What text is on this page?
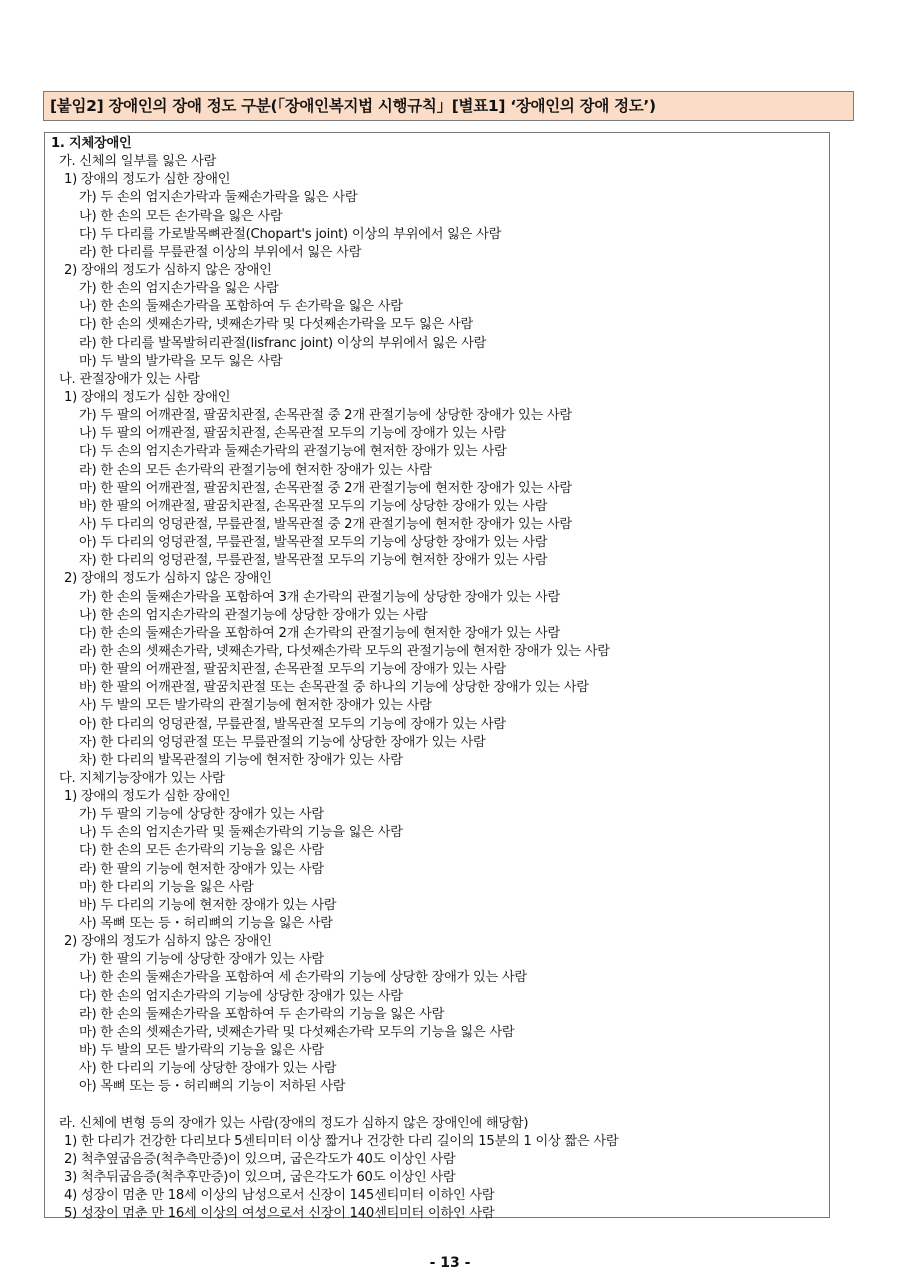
[붙임2] 장애인의 장애 정도 구분(「장애인복지법 시행규칙」[별표1] ‘장애인의 장애 정도’)
1. 지체장애인
가. 신체의 일부를 잃은 사람
1) 장애의 정도가 심한 장애인
가) 두 손의 엄지손가락과 둘째손가락을 잃은 사람
나) 한 손의 모든 손가락을 잃은 사람
다) 두 다리를 가로발목뼈관절(Chopart's joint) 이상의 부위에서 잃은 사람
라) 한 다리를 무릎관절 이상의 부위에서 잃은 사람
2) 장애의 정도가 심하지 않은 장애인
가) 한 손의 엄지손가락을 잃은 사람
나) 한 손의 둘째손가락을 포함하여 두 손가락을 잃은 사람
다) 한 손의 셋째손가락, 넷째손가락 및 다섯째손가락을 모두 잃은 사람
라) 한 다리를 발목발허리관절(lisfranc joint) 이상의 부위에서 잃은 사람
마) 두 발의 발가락을 모두 잃은 사람
나. 관절장애가 있는 사람
1) 장애의 정도가 심한 장애인
가) 두 팔의 어깨관절, 팔꿈치관절, 손목관절 중 2개 관절기능에 상당한 장애가 있는 사람
나) 두 팔의 어깨관절, 팔꿈치관절, 손목관절 모두의 기능에 장애가 있는 사람
다) 두 손의 엄지손가락과 둘째손가락의 관절기능에 현저한 장애가 있는 사람
라) 한 손의 모든 손가락의 관절기능에 현저한 장애가 있는 사람
마) 한 팔의 어깨관절, 팔꿈치관절, 손목관절 중 2개 관절기능에 현저한 장애가 있는 사람
바) 한 팔의 어깨관절, 팔꿈치관절, 손목관절 모두의 기능에 상당한 장애가 있는 사람
사) 두 다리의 엉덩관절, 무릎관절, 발목관절 중 2개 관절기능에 현저한 장애가 있는 사람
아) 두 다리의 엉덩관절, 무릎관절, 발목관절 모두의 기능에 상당한 장애가 있는 사람
자) 한 다리의 엉덩관절, 무릎관절, 발목관절 모두의 기능에 현저한 장애가 있는 사람
2) 장애의 정도가 심하지 않은 장애인
가) 한 손의 둘째손가락을 포함하여 3개 손가락의 관절기능에 상당한 장애가 있는 사람
나) 한 손의 엄지손가락의 관절기능에 상당한 장애가 있는 사람
다) 한 손의 둘째손가락을 포함하여 2개 손가락의 관절기능에 현저한 장애가 있는 사람
라) 한 손의 셋째손가락, 넷째손가락, 다섯째손가락 모두의 관절기능에 현저한 장애가 있는 사람
마) 한 팔의 어깨관절, 팔꿈치관절, 손목관절 모두의 기능에 장애가 있는 사람
바) 한 팔의 어깨관절, 팔꿈치관절 또는 손목관절 중 하나의 기능에 상당한 장애가 있는 사람
사) 두 발의 모든 발가락의 관절기능에 현저한 장애가 있는 사람
아) 한 다리의 엉덩관절, 무릎관절, 발목관절 모두의 기능에 장애가 있는 사람
자) 한 다리의 엉덩관절 또는 무릎관절의 기능에 상당한 장애가 있는 사람
차) 한 다리의 발목관절의 기능에 현저한 장애가 있는 사람
다. 지체기능장애가 있는 사람
1) 장애의 정도가 심한 장애인
가) 두 팔의 기능에 상당한 장애가 있는 사람
나) 두 손의 엄지손가락 및 둘째손가락의 기능을 잃은 사람
다) 한 손의 모든 손가락의 기능을 잃은 사람
라) 한 팔의 기능에 현저한 장애가 있는 사람
마) 한 다리의 기능을 잃은 사람
바) 두 다리의 기능에 현저한 장애가 있는 사람
사) 목뼈 또는 등・허리뼈의 기능을 잃은 사람
2) 장애의 정도가 심하지 않은 장애인
가) 한 팔의 기능에 상당한 장애가 있는 사람
나) 한 손의 둘째손가락을 포함하여 세 손가락의 기능에 상당한 장애가 있는 사람
다) 한 손의 엄지손가락의 기능에 상당한 장애가 있는 사람
라) 한 손의 둘째손가락을 포함하여 두 손가락의 기능을 잃은 사람
마) 한 손의 셋째손가락, 넷째손가락 및 다섯째손가락 모두의 기능을 잃은 사람
바) 두 발의 모든 발가락의 기능을 잃은 사람
사) 한 다리의 기능에 상당한 장애가 있는 사람
아) 목뼈 또는 등・허리뼈의 기능이 저하된 사람
라. 신체에 변형 등의 장애가 있는 사람(장애의 정도가 심하지 않은 장애인에 해당함)
1) 한 다리가 건강한 다리보다 5센티미터 이상 짧거나 건강한 다리 길이의 15분의 1 이상 짧은 사람
2) 척추옆굽음증(척추측만증)이 있으며, 굽은각도가 40도 이상인 사람
3) 척추뒤굽음증(척추후만증)이 있으며, 굽은각도가 60도 이상인 사람
4) 성장이 멈춘 만 18세 이상의 남성으로서 신장이 145센티미터 이하인 사람
5) 성장이 멈춘 만 16세 이상의 여성으로서 신장이 140센티미터 이하인 사람
- 13 -
